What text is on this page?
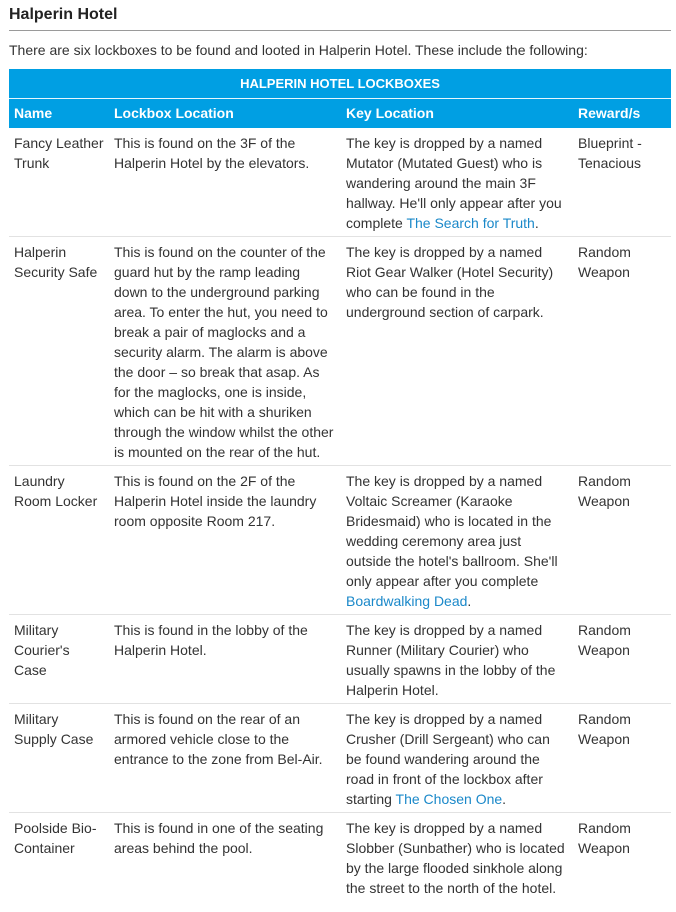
Halperin Hotel

There are six lockboxes to be found and looted in Halperin Hotel. These include the following:

HALPERIN HOTEL LOCKBOXES
Name	Lockbox Location	Key Location	Reward/s
Fancy Leather Trunk	This is found on the 3F of the Halperin Hotel by the elevators.	The key is dropped by a named Mutator (Mutated Guest) who is wandering around the main 3F hallway. He'll only appear after you complete The Search for Truth.	Blueprint - Tenacious
Halperin Security Safe	This is found on the counter of the guard hut by the ramp leading down to the underground parking area. To enter the hut, you need to break a pair of maglocks and a security alarm. The alarm is above the door – so break that asap. As for the maglocks, one is inside, which can be hit with a shuriken through the window whilst the other is mounted on the rear of the hut.	The key is dropped by a named Riot Gear Walker (Hotel Security) who can be found in the underground section of carpark.	Random Weapon
Laundry Room Locker	This is found on the 2F of the Halperin Hotel inside the laundry room opposite Room 217.	The key is dropped by a named Voltaic Screamer (Karaoke Bridesmaid) who is located in the wedding ceremony area just outside the hotel's ballroom. She'll only appear after you complete Boardwalking Dead.	Random Weapon
Military Courier's Case	This is found in the lobby of the Halperin Hotel.	The key is dropped by a named Runner (Military Courier) who usually spawns in the lobby of the Halperin Hotel.	Random Weapon
Military Supply Case	This is found on the rear of an armored vehicle close to the entrance to the zone from Bel-Air.	The key is dropped by a named Crusher (Drill Sergeant) who can be found wandering around the road in front of the lockbox after starting The Chosen One.	Random Weapon
Poolside Bio-Container	This is found in one of the seating areas behind the pool.	The key is dropped by a named Slobber (Sunbather) who is located by the large flooded sinkhole along the street to the north of the hotel.	Random Weapon
